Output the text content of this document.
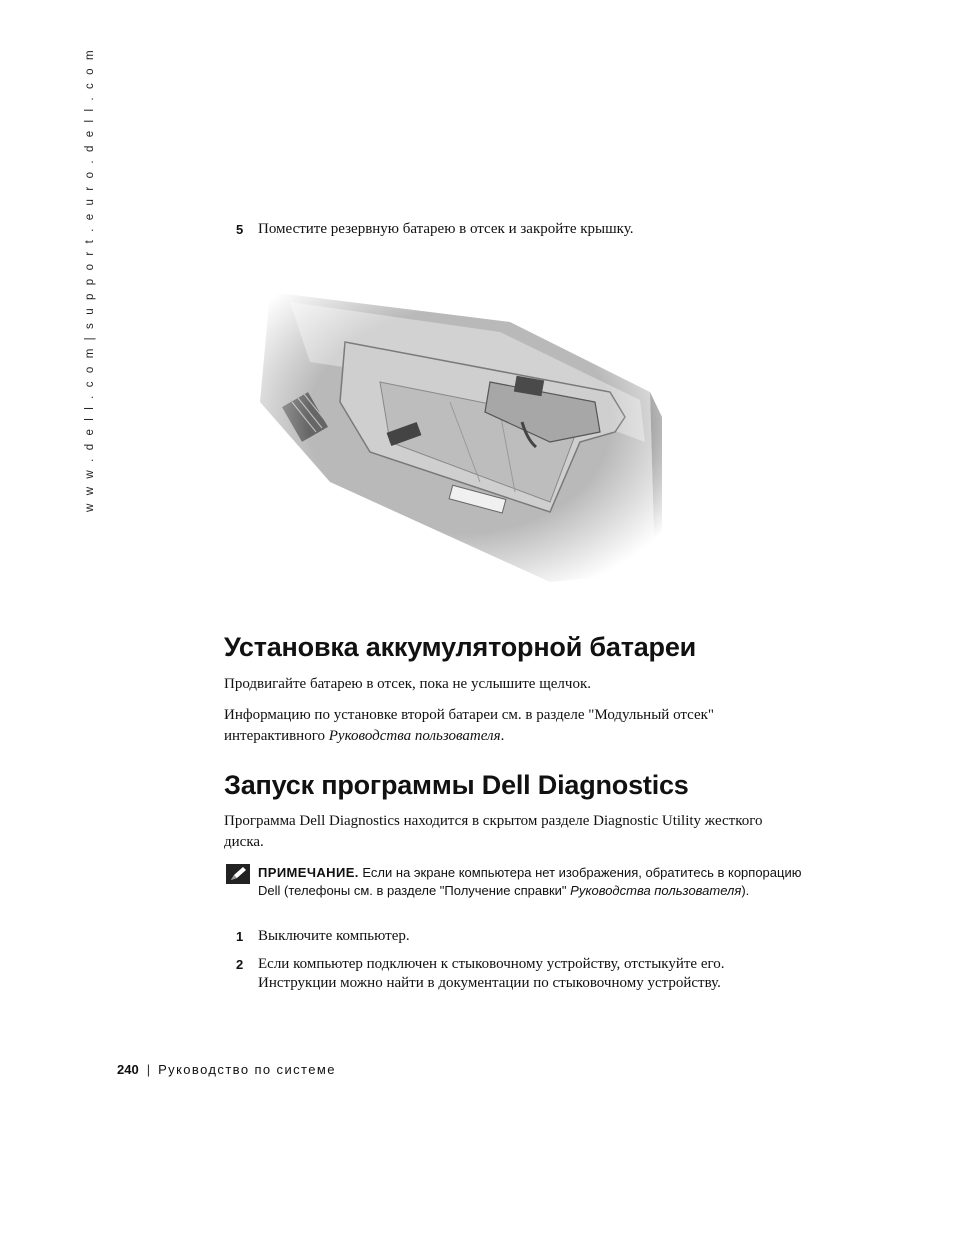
w w w . d e l l . c o m | s u p p o r t . e u r o . d e l l . c o m	5 Поместите резервную батарею в отсек и закройте крышку.
Установка аккумуляторной батареи

Продвигайте батарею в отсек, пока не услышите щелчок.

Информацию по установке второй батареи см. в разделе "Модульный отсек" интерактивного Руководства пользователя.

Запуск программы Dell Diagnostics

Программа Dell Diagnostics находится в скрытом разделе Diagnostic Utility жесткого диска.

ПРИМЕЧАНИЕ. Если на экране компьютера нет изображения, обратитесь в корпорацию Dell (телефоны см. в разделе "Получение справки" Руководства пользователя).
1 Выключите компьютер.
2 Если компьютер подключен к стыковочному устройству, отстыкуйте его. Инструкции можно найти в документации по стыковочному устройству.
240 | Руководство по системе
